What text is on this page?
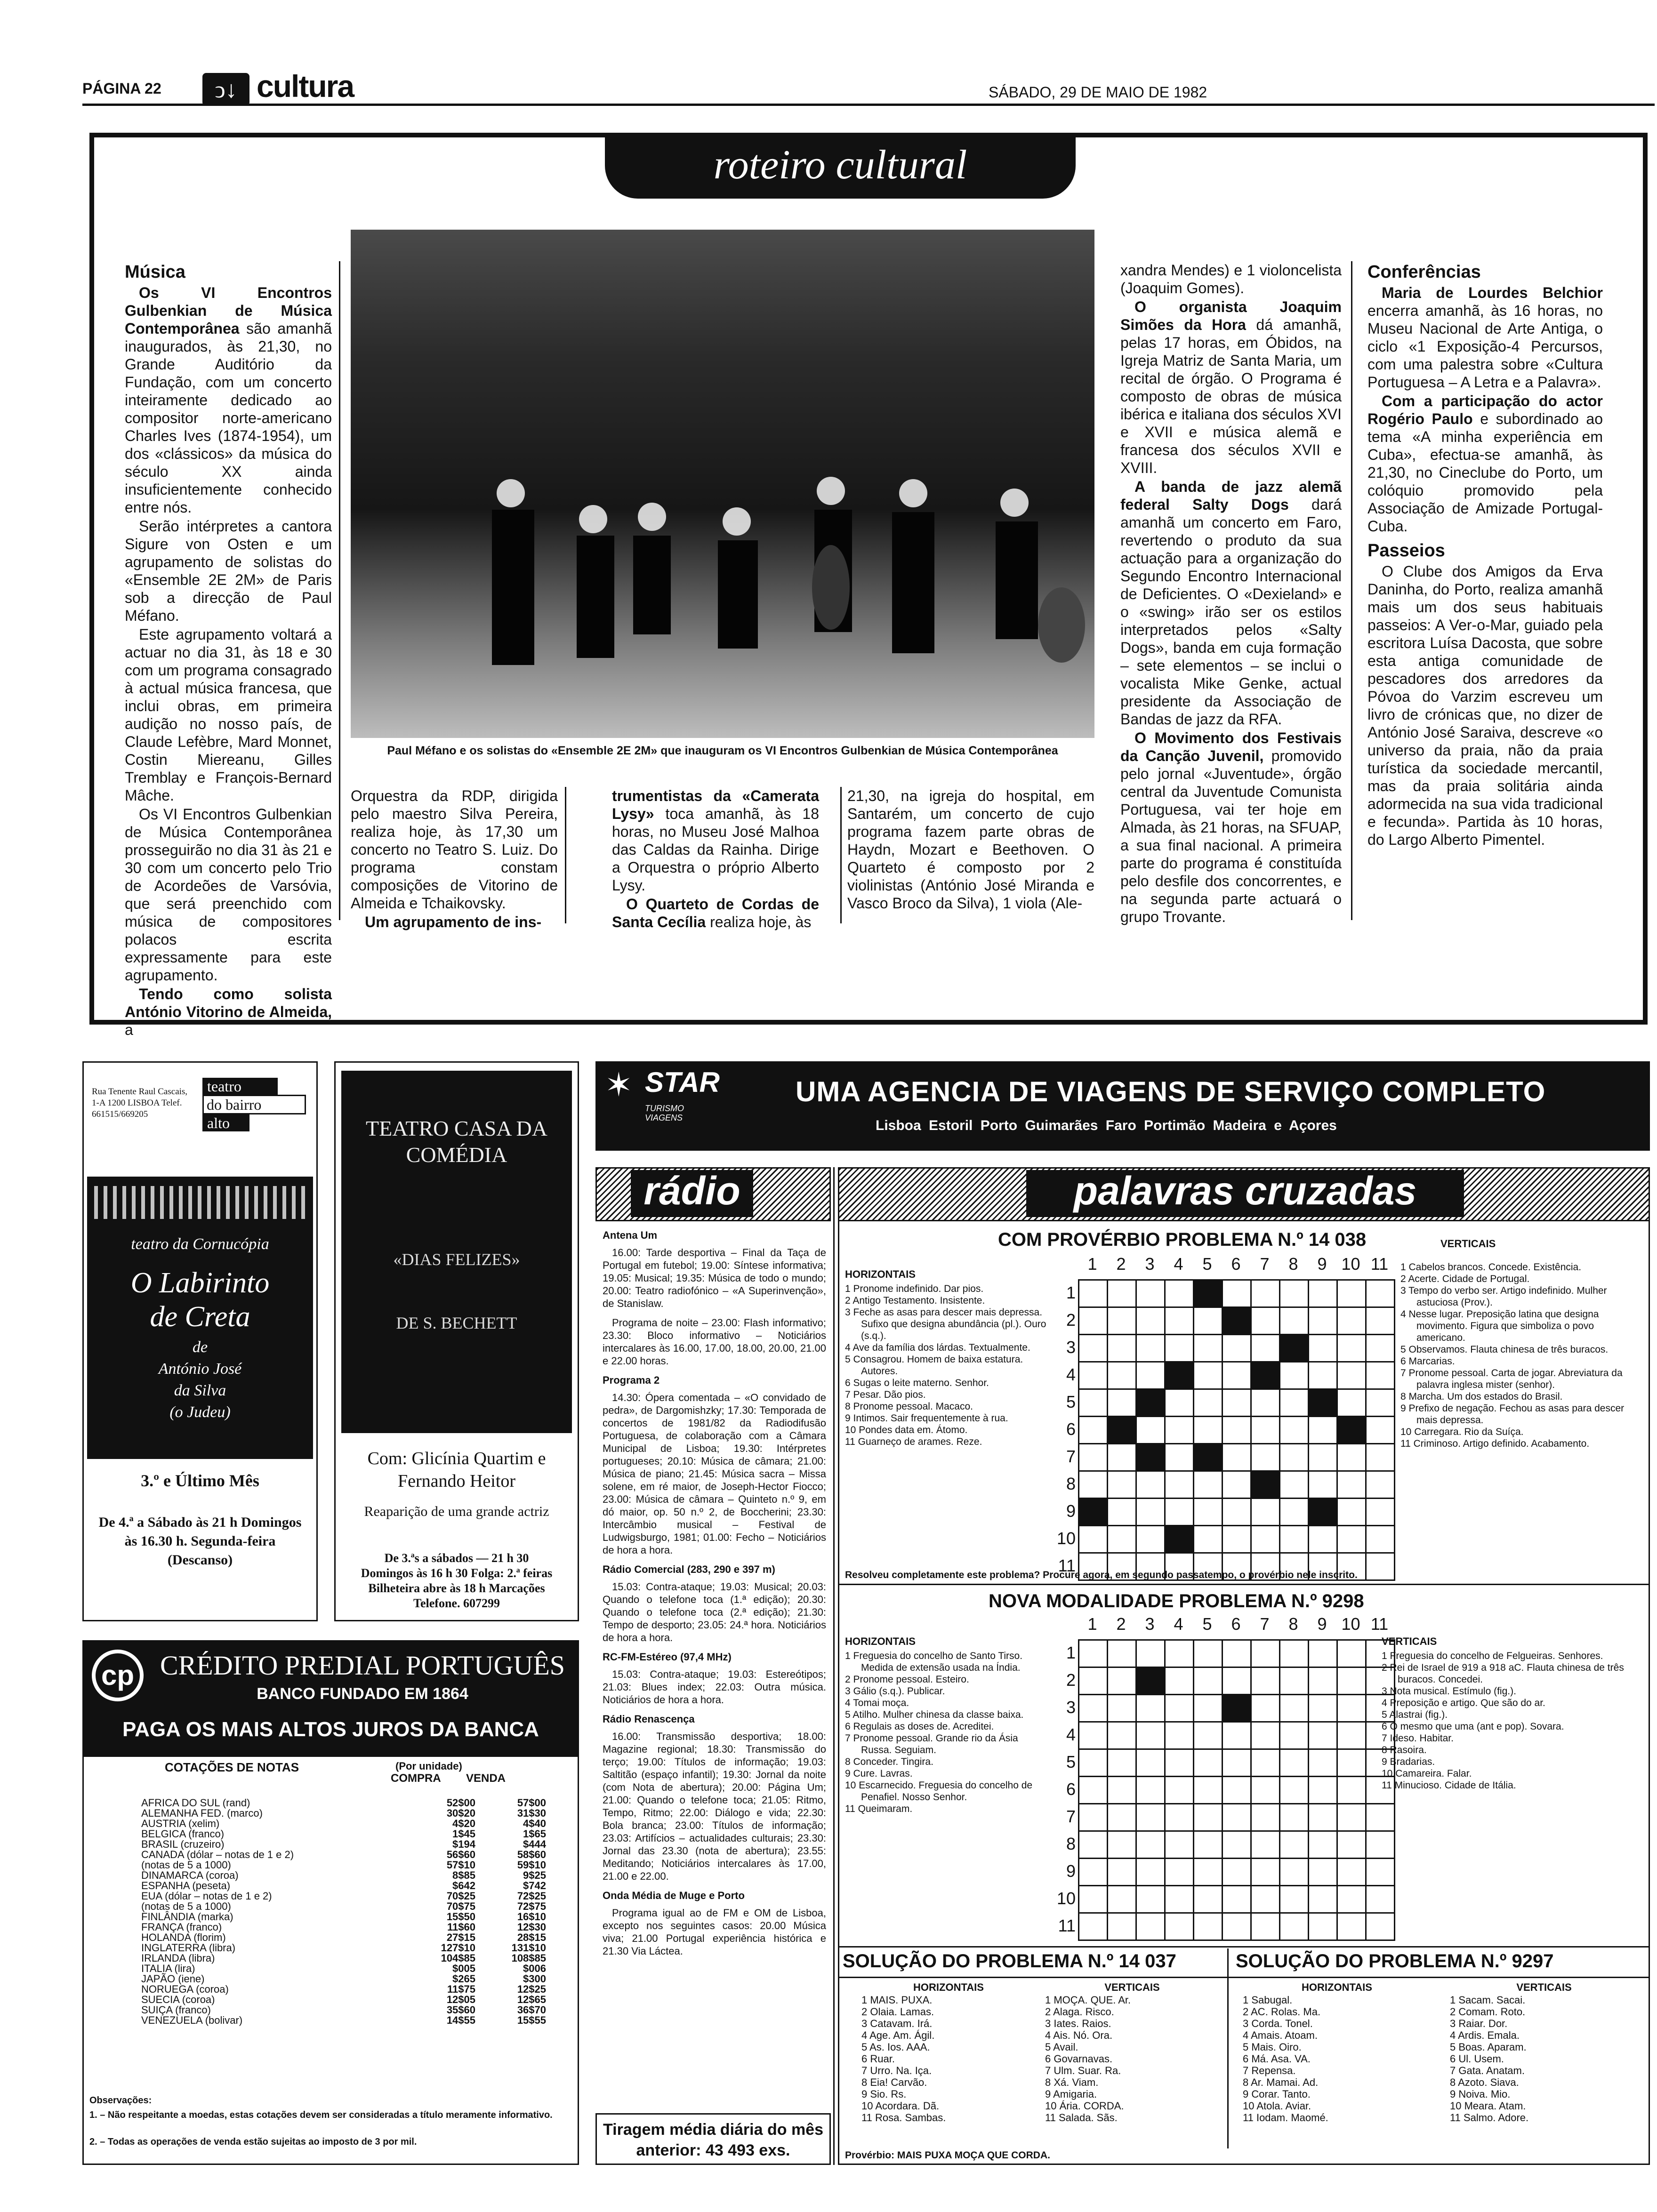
PÁGINA 22	ↄ↓ cultura	SÁBADO, 29 DE MAIO DE 1982
roteiro cultural
Música

Os VI Encontros Gulbenkian de Música Contemporânea são amanhã inaugurados, às 21,30, no Grande Auditório da Fundação, com um concerto inteiramente dedicado ao compositor norte-americano Charles Ives (1874-1954), um dos «clássicos» da música do século XX ainda insuficientemente conhecido entre nós.

Serão intérpretes a cantora Sigure von Osten e um agrupamento de solistas do «Ensemble 2E 2M» de Paris sob a direcção de Paul Méfano.

Este agrupamento voltará a actuar no dia 31, às 18 e 30 com um programa consagrado à actual música francesa, que inclui obras, em primeira audição no nosso país, de Claude Lefèbre, Mard Monnet, Costin Miereanu, Gilles Tremblay e François-Bernard Mâche.

Os VI Encontros Gulbenkian de Música Contemporânea prosseguirão no dia 31 às 21 e 30 com um concerto pelo Trio de Acordeões de Varsóvia, que será preenchido com música de compositores polacos escrita expressamente para este agrupamento.

Tendo como solista António Vitorino de Almeida, a

Paul Méfano e os solistas do «Ensemble 2E 2M» que inauguram os VI Encontros Gulbenkian de Música Contemporânea

Orquestra da RDP, dirigida pelo maestro Silva Pereira, realiza hoje, às 17,30 um concerto no Teatro S. Luiz. Do programa constam composições de Vitorino de Almeida e Tchaikovsky.

Um agrupamento de ins-

trumentistas da «Camerata Lysy» toca amanhã, às 18 horas, no Museu José Malhoa das Caldas da Rainha. Dirige a Orquestra o próprio Alberto Lysy.

O Quarteto de Cordas de Santa Cecília realiza hoje, às

21,30, na igreja do hospital, em Santarém, um concerto de cujo programa fazem parte obras de Haydn, Mozart e Beethoven. O Quarteto é composto por 2 violinistas (António José Miranda e Vasco Broco da Silva), 1 viola (Ale-

xandra Mendes) e 1 violoncelista (Joaquim Gomes).

O organista Joaquim Simões da Hora dá amanhã, pelas 17 horas, em Óbidos, na Igreja Matriz de Santa Maria, um recital de órgão. O Programa é composto de obras de música ibérica e italiana dos séculos XVI e XVII e música alemã e francesa dos séculos XVII e XVIII.

A banda de jazz alemã federal Salty Dogs dará amanhã um concerto em Faro, revertendo o produto da sua actuação para a organização do Segundo Encontro Internacional de Deficientes. O «Dexieland» e o «swing» irão ser os estilos interpretados pelos «Salty Dogs», banda em cuja formação – sete elementos – se inclui o vocalista Mike Genke, actual presidente da Associação de Bandas de jazz da RFA.

O Movimento dos Festivais da Canção Juvenil, promovido pelo jornal «Juventude», órgão central da Juventude Comunista Portuguesa, vai ter hoje em Almada, às 21 horas, na SFUAP, a sua final nacional. A primeira parte do programa é constituída pelo desfile dos concorrentes, e na segunda parte actuará o grupo Trovante.

Conferências

Maria de Lourdes Belchior encerra amanhã, às 16 horas, no Museu Nacional de Arte Antiga, o ciclo «1 Exposição-4 Percursos, com uma palestra sobre «Cultura Portuguesa – A Letra e a Palavra».

Com a participação do actor Rogério Paulo e subordinado ao tema «A minha experiência em Cuba», efectua-se amanhã, às 21,30, no Cineclube do Porto, um colóquio promovido pela Associação de Amizade Portugal-Cuba.

Passeios

O Clube dos Amigos da Erva Daninha, do Porto, realiza amanhã mais um dos seus habituais passeios: A Ver-o-Mar, guiado pela escritora Luísa Dacosta, que sobre esta antiga comunidade de pescadores dos arredores da Póvoa do Varzim escreveu um livro de crónicas que, no dizer de António José Saraiva, descreve «o universo da praia, não da praia turística da sociedade mercantil, mas da praia solitária ainda adormecida na sua vida tradicional e fecunda». Partida às 10 horas, do Largo Alberto Pimentel.

Rua Tenente Raul Cascais, 1-A 1200 LISBOA Telef. 661515/669205
teatro
do bairro
alto
teatro da Cornucópia
O Labirinto
de Creta
de
António José
da Silva
(o Judeu)
3.º e Último Mês
De 4.ª a Sábado às 21 h Domingos às 16.30 h. Segunda-feira (Descanso)
TEATRO CASA DA COMÉDIA
«DIAS FELIZES»
DE S. BECHETT
Com: Glicínia Quartim e Fernando Heitor
Reaparição de uma grande actriz
De 3.ªs a sábados — 21 h 30 Domingos às 16 h 30 Folga: 2.ª feiras Bilheteira abre às 18 h Marcações Telefone. 607299
✶ STAR
TURISMO VIAGENS
UMA AGENCIA DE VIAGENS DE SERVIÇO COMPLETO
Lisboa Estoril Porto Guimarães Faro Portimão Madeira e Açores
cp CRÉDITO PREDIAL PORTUGUÊS
BANCO FUNDADO EM 1864
PAGA OS MAIS ALTOS JUROS DA BANCA
COTAÇÕES DE NOTAS	(Por unidade)
COMPRA VENDA
AFRICA DO SUL (rand)	52$00	57$00
ALEMANHA FED. (marco)	30$20	31$30
AUSTRIA (xelim)	4$20	4$40
BELGICA (franco)	1$45	1$65
BRASIL (cruzeiro)	$194	$444
CANADA (dólar – notas de 1 e 2)	56$60	58$60
(notas de 5 a 1000)	57$10	59$10
DINAMARCA (coroa)	8$85	9$25
ESPANHA (peseta)	$642	$742
EUA (dólar – notas de 1 e 2)	70$25	72$25
(notas de 5 a 1000)	70$75	72$75
FINLÂNDIA (marka)	15$50	16$10
FRANÇA (franco)	11$60	12$30
HOLANDA (florim)	27$15	28$15
INGLATERRA (libra)	127$10	131$10
IRLANDA (libra)	104$85	108$85
ITALIA (lira)	$005	$006
JAPÃO (iene)	$265	$300
NORUEGA (coroa)	11$75	12$25
SUECIA (coroa)	12$05	12$65
SUIÇA (franco)	35$60	36$70
VENEZUELA (bolivar)	14$55	15$55
Observações:
1. – Não respeitante a moedas, estas cotações devem ser consideradas a título meramente informativo.
2. – Todas as operações de venda estão sujeitas ao imposto de 3 por mil.
rádio
Antena Um

16.00: Tarde desportiva – Final da Taça de Portugal em futebol; 19.00: Síntese informativa; 19.05: Musical; 19.35: Música de todo o mundo; 20.00: Teatro radiofónico – «A Superinvenção», de Stanislaw.

Programa de noite – 23.00: Flash informativo; 23.30: Bloco informativo – Noticiários intercalares às 16.00, 17.00, 18.00, 20.00, 21.00 e 22.00 horas.

Programa 2

14.30: Ópera comentada – «O convidado de pedra», de Dargomishzky; 17.30: Temporada de concertos de 1981/82 da Radiodifusão Portuguesa, de colaboração com a Câmara Municipal de Lisboa; 19.30: Intérpretes portugueses; 20.10: Música de câmara; 21.00: Música de piano; 21.45: Música sacra – Missa solene, em ré maior, de Joseph-Hector Fiocco; 23.00: Música de câmara – Quinteto n.º 9, em dó maior, op. 50 n.º 2, de Boccherini; 23.30: Intercâmbio musical – Festival de Ludwigsburgo, 1981; 01.00: Fecho – Noticiários de hora a hora.

Rádio Comercial (283, 290 e 397 m)

15.03: Contra-ataque; 19.03: Musical; 20.03: Quando o telefone toca (1.ª edição); 20.30: Quando o telefone toca (2.ª edição); 21.30: Tempo de desporto; 23.05: 24.ª hora. Noticiários de hora a hora.

RC-FM-Estéreo (97,4 MHz)

15.03: Contra-ataque; 19.03: Estereótipos; 21.03: Blues index; 22.03: Outra música. Noticiários de hora a hora.

Rádio Renascença

16.00: Transmissão desportiva; 18.00: Magazine regional; 18.30: Transmissão do terço; 19.00: Títulos de informação; 19.03: Saltitão (espaço infantil); 19.30: Jornal da noite (com Nota de abertura); 20.00: Página Um; 21.00: Quando o telefone toca; 21.05: Ritmo, Tempo, Ritmo; 22.00: Diálogo e vida; 22.30: Bola branca; 23.00: Títulos de informação; 23.03: Artifícios – actualidades culturais; 23.30: Jornal das 23.30 (nota de abertura); 23.55: Meditando; Noticiários intercalares às 17.00, 21.00 e 22.00.

Onda Média de Muge e Porto

Programa igual ao de FM e OM de Lisboa, excepto nos seguintes casos: 20.00 Música viva; 21.00 Portugal experiência histórica e 21.30 Via Láctea.

Tiragem média diária do mês anterior: 43 493 exs.
palavras cruzadas
COM PROVÉRBIO PROBLEMA N.º 14 038	VERTICAIS
1 2 3 4 5 6 7 8 9 10 11
1
2
3
4
5
6
7
8
9
10
11

HORIZONTAIS
1 Pronome indefinido. Dar pios.
2 Antigo Testamento. Insistente.
3 Feche as asas para descer mais depressa. Sufixo que designa abundância (pl.). Ouro (s.q.).
4 Ave da família dos lárdas. Textualmente.
5 Consagrou. Homem de baixa estatura. Autores.
6 Sugas o leite materno. Senhor.
7 Pesar. Dão pios.
8 Pronome pessoal. Macaco.
9 Intimos. Sair frequentemente à rua.
10 Pondes data em. Átomo.
11 Guarneço de arames. Reze.
1 Cabelos brancos. Concede. Existência.
2 Acerte. Cidade de Portugal.
3 Tempo do verbo ser. Artigo indefinido. Mulher astuciosa (Prov.).
4 Nesse lugar. Preposição latina que designa movimento. Figura que simboliza o povo americano.
5 Observamos. Flauta chinesa de três buracos.
6 Marcarias.
7 Pronome pessoal. Carta de jogar. Abreviatura da palavra inglesa mister (senhor).
8 Marcha. Um dos estados do Brasil.
9 Prefixo de negação. Fechou as asas para descer mais depressa.
10 Carregara. Rio da Suíça.
11 Criminoso. Artigo definido. Acabamento.
Resolveu completamente este problema? Procure agora, em segundo passatempo, o provérbio nele inscrito.
NOVA MODALIDADE PROBLEMA N.º 9298
1 2 3 4 5 6 7 8 9 10 11
1
2
3
4
5
6
7
8
9
10
11

HORIZONTAIS
1 Freguesia do concelho de Santo Tirso. Medida de extensão usada na Índia.
2 Pronome pessoal. Esteiro.
3 Gálio (s.q.). Publicar.
4 Tomai moça.
5 Atilho. Mulher chinesa da classe baixa.
6 Regulais as doses de. Acreditei.
7 Pronome pessoal. Grande rio da Ásia Russa. Seguiam.
8 Conceder. Tingira.
9 Cure. Lavras.
10 Escarnecido. Freguesia do concelho de Penafiel. Nosso Senhor.
11 Queimaram.
VERTICAIS
1 Freguesia do concelho de Felgueiras. Senhores.
2 Rei de Israel de 919 a 918 aC. Flauta chinesa de três buracos. Concedei.
3 Nota musical. Estímulo (fig.).
4 Preposição e artigo. Que são do ar.
5 Alastrai (fig.).
6 O mesmo que uma (ant e pop). Sovara.
7 Ideso. Habitar.
8 Rasoira.
9 Bradarias.
10 Camareira. Falar.
11 Minucioso. Cidade de Itália.
SOLUÇÃO DO PROBLEMA N.º 14 037	SOLUÇÃO DO PROBLEMA N.º 9297
HORIZONTAIS
1 MAIS. PUXA.
2 Olaia. Lamas.
3 Catavam. Irá.
4 Age. Am. Ágil.
5 As. Ios. AAA.
6 Ruar.
7 Urro. Na. Iça.
8 Eia! Carvão.
9 Sio. Rs.
10 Acordara. Dã.
11 Rosa. Sambas.
VERTICAIS
1 MOÇA. QUE. Ar.
2 Alaga. Risco.
3 Iates. Raios.
4 Ais. Nó. Ora.
5 Avail.
6 Govarnavas.
7 Ulm. Suar. Ra.
8 Xá. Viam.
9 Amigaria.
10 Ária. CORDA.
11 Salada. Sãs.
HORIZONTAIS
1 Sabugal.
2 AC. Rolas. Ma.
3 Corda. Tonel.
4 Amais. Atoam.
5 Mais. Oiro.
6 Má. Asa. VA.
7 Repensa.
8 Ar. Mamai. Ad.
9 Corar. Tanto.
10 Atola. Aviar.
11 Iodam. Maomé.
VERTICAIS
1 Sacam. Sacai.
2 Comam. Roto.
3 Raiar. Dor.
4 Ardis. Emala.
5 Boas. Aparam.
6 Ul. Usem.
7 Gata. Anatam.
8 Azoto. Siava.
9 Noiva. Mio.
10 Meara. Atam.
11 Salmo. Adore.
Provérbio: MAIS PUXA MOÇA QUE CORDA.
